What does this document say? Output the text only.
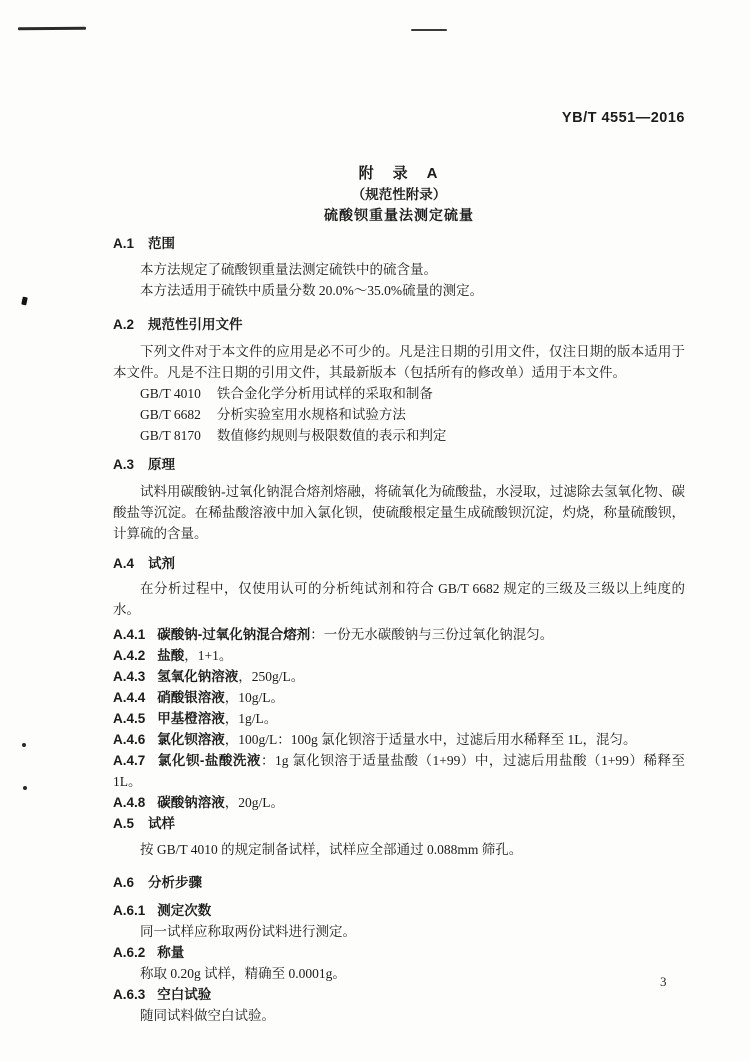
YB/T 4551—2016
附　录　A
（规范性附录）
硫酸钡重量法测定硫量
A.1 范围

本方法规定了硫酸钡重量法测定硫铁中的硫含量。

本方法适用于硫铁中质量分数 20.0%～35.0%硫量的测定。

A.2 规范性引用文件

下列文件对于本文件的应用是必不可少的。凡是注日期的引用文件，仅注日期的版本适用于本文件。凡是不注日期的引用文件，其最新版本（包括所有的修改单）适用于本文件。

GB/T 4010 铁合金化学分析用试样的采取和制备
GB/T 6682 分析实验室用水规格和试验方法
GB/T 8170 数值修约规则与极限数值的表示和判定
A.3 原理

试料用碳酸钠-过氧化钠混合熔剂熔融，将硫氧化为硫酸盐，水浸取，过滤除去氢氧化物、碳酸盐等沉淀。在稀盐酸溶液中加入氯化钡，使硫酸根定量生成硫酸钡沉淀，灼烧，称量硫酸钡，计算硫的含量。

A.4 试剂

在分析过程中，仅使用认可的分析纯试剂和符合 GB/T 6682 规定的三级及三级以上纯度的水。

A.4.1 碳酸钠-过氧化钠混合熔剂：一份无水碳酸钠与三份过氧化钠混匀。
A.4.2 盐酸，1+1。
A.4.3 氢氧化钠溶液，250g/L。
A.4.4 硝酸银溶液，10g/L。
A.4.5 甲基橙溶液，1g/L。
A.4.6 氯化钡溶液，100g/L：100g 氯化钡溶于适量水中，过滤后用水稀释至 1L，混匀。
A.4.7 氯化钡-盐酸洗液：1g 氯化钡溶于适量盐酸（1+99）中，过滤后用盐酸（1+99）稀释至 1L。
A.4.8 碳酸钠溶液，20g/L。
A.5 试样

按 GB/T 4010 的规定制备试样，试样应全部通过 0.088mm 筛孔。

A.6 分析步骤
A.6.1 测定次数

同一试样应称取两份试料进行测定。

A.6.2 称量

称取 0.20g 试样，精确至 0.0001g。

A.6.3 空白试验

随同试料做空白试验。

3
